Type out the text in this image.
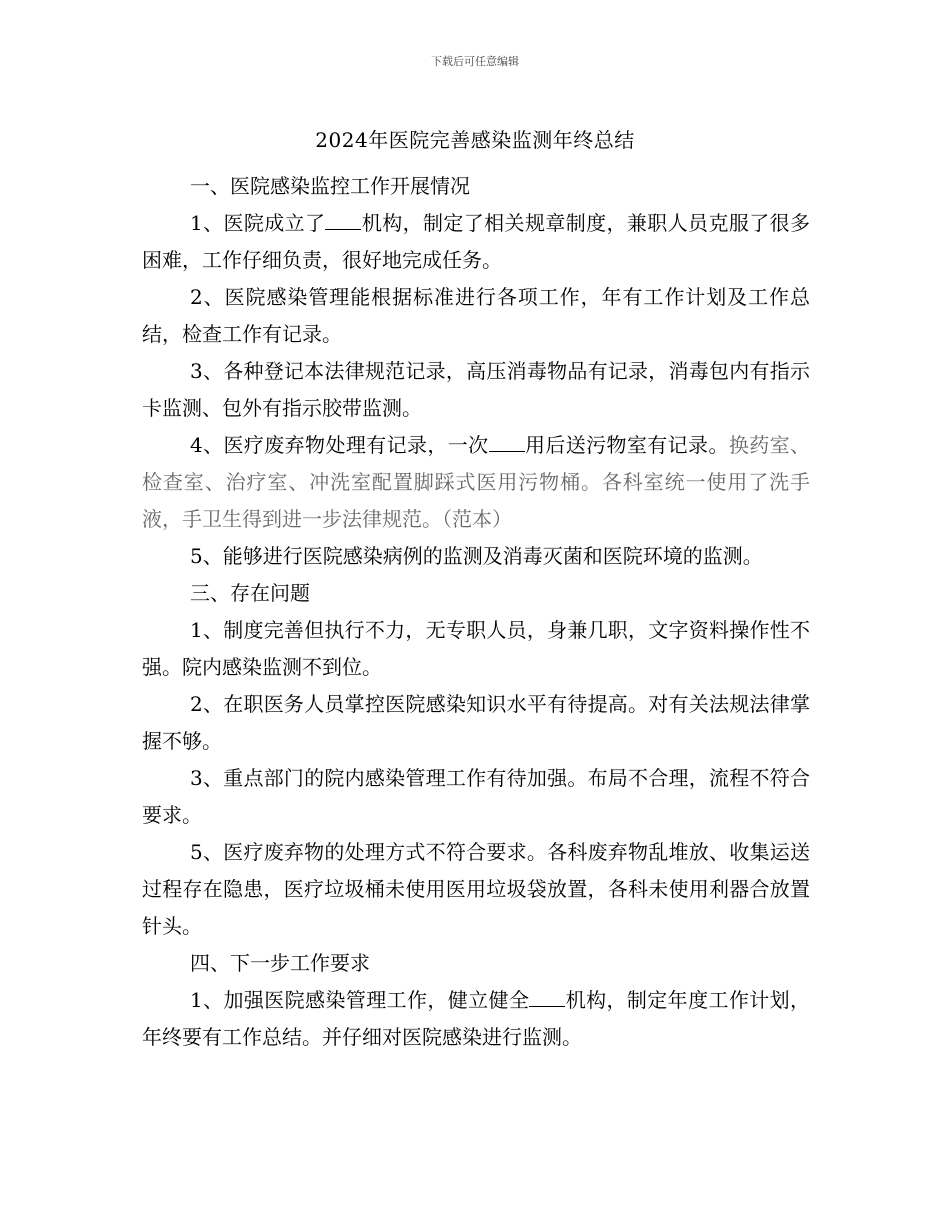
下载后可任意编辑
2024年医院完善感染监测年终总结

一、医院感染监控工作开展情况

1、医院成立了 机构，制定了相关规章制度，兼职人员克服了很多困难，工作仔细负责，很好地完成任务。

2、医院感染管理能根据标准进行各项工作，年有工作计划及工作总结，检查工作有记录。

3、各种登记本法律规范记录，高压消毒物品有记录，消毒包内有指示卡监测、包外有指示胶带监测。

4、医疗废弃物处理有记录，一次 用后送污物室有记录。换药室、检查室、治疗室、冲洗室配置脚踩式医用污物桶。各科室统一使用了洗手液，手卫生得到进一步法律规范。（范本）

5、能够进行医院感染病例的监测及消毒灭菌和医院环境的监测。

三、存在问题

1、制度完善但执行不力，无专职人员，身兼几职，文字资料操作性不强。院内感染监测不到位。

2、在职医务人员掌控医院感染知识水平有待提高。对有关法规法律掌握不够。

3、重点部门的院内感染管理工作有待加强。布局不合理，流程不符合要求。

5、医疗废弃物的处理方式不符合要求。各科废弃物乱堆放、收集运送过程存在隐患，医疗垃圾桶未使用医用垃圾袋放置，各科未使用利器合放置针头。

四、下一步工作要求

1、加强医院感染管理工作，健立健全 机构，制定年度工作计划，年终要有工作总结。并仔细对医院感染进行监测。
